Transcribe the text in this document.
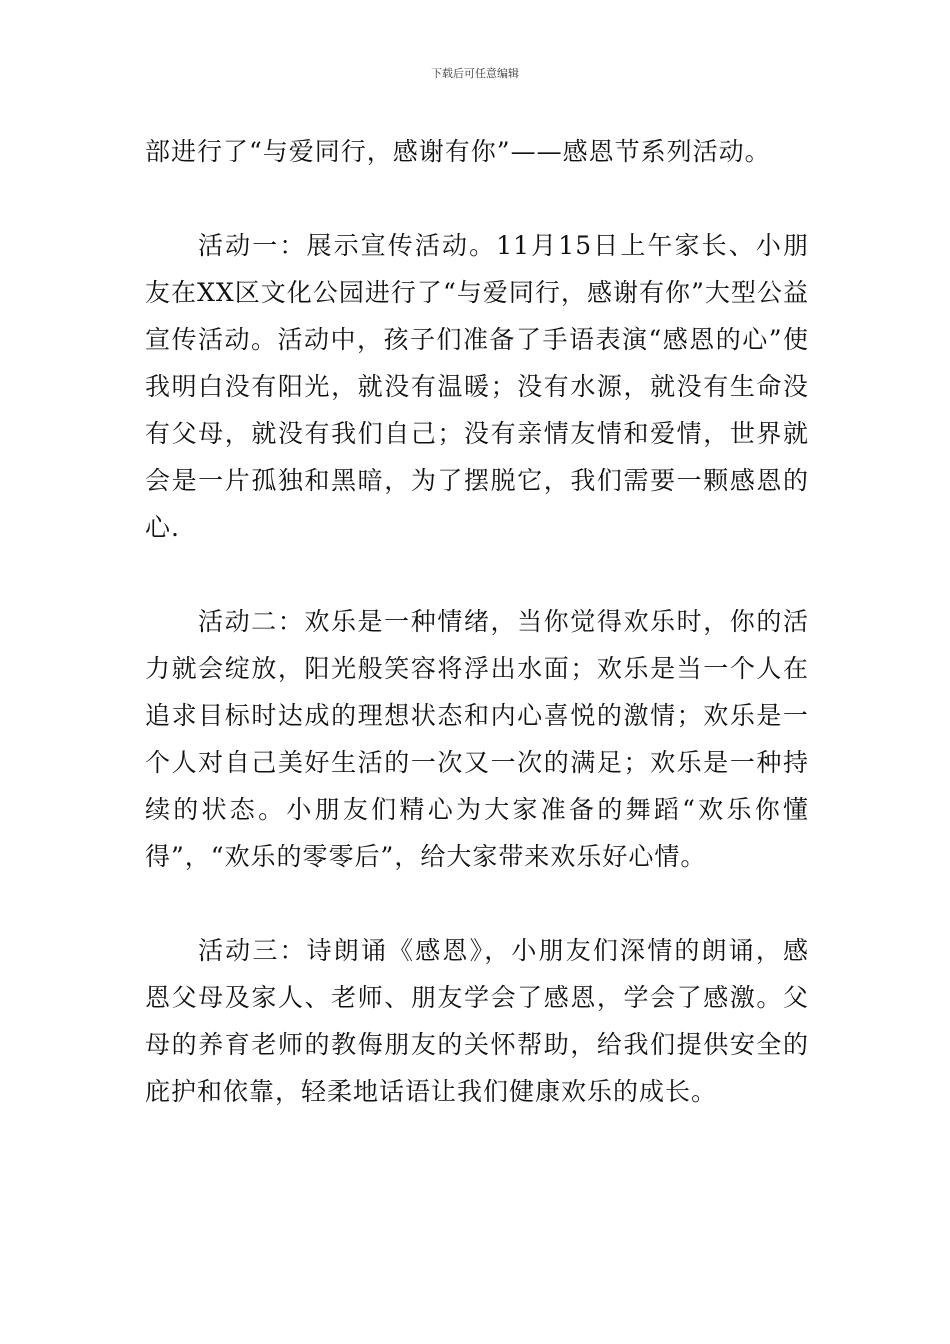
下载后可任意编辑

部进行了“与爱同行，感谢有你”——感恩节系列活动。

活动一：展示宣传活动。11月15日上午家长、小朋友在XX区文化公园进行了“与爱同行，感谢有你”大型公益宣传活动。活动中，孩子们准备了手语表演“感恩的心”使我明白没有阳光，就没有温暖；没有水源，就没有生命没有父母，就没有我们自己；没有亲情友情和爱情，世界就会是一片孤独和黑暗，为了摆脱它，我们需要一颗感恩的心.

活动二：欢乐是一种情绪，当你觉得欢乐时，你的活力就会绽放，阳光般笑容将浮出水面；欢乐是当一个人在追求目标时达成的理想状态和内心喜悦的激情；欢乐是一个人对自己美好生活的一次又一次的满足；欢乐是一种持续的状态。小朋友们精心为大家准备的舞蹈“欢乐你懂得”，“欢乐的零零后”，给大家带来欢乐好心情。

活动三：诗朗诵《感恩》，小朋友们深情的朗诵，感恩父母及家人、老师、朋友学会了感恩，学会了感激。父母的养育老师的教侮朋友的关怀帮助，给我们提供安全的庇护和依靠，轻柔地话语让我们健康欢乐的成长。
